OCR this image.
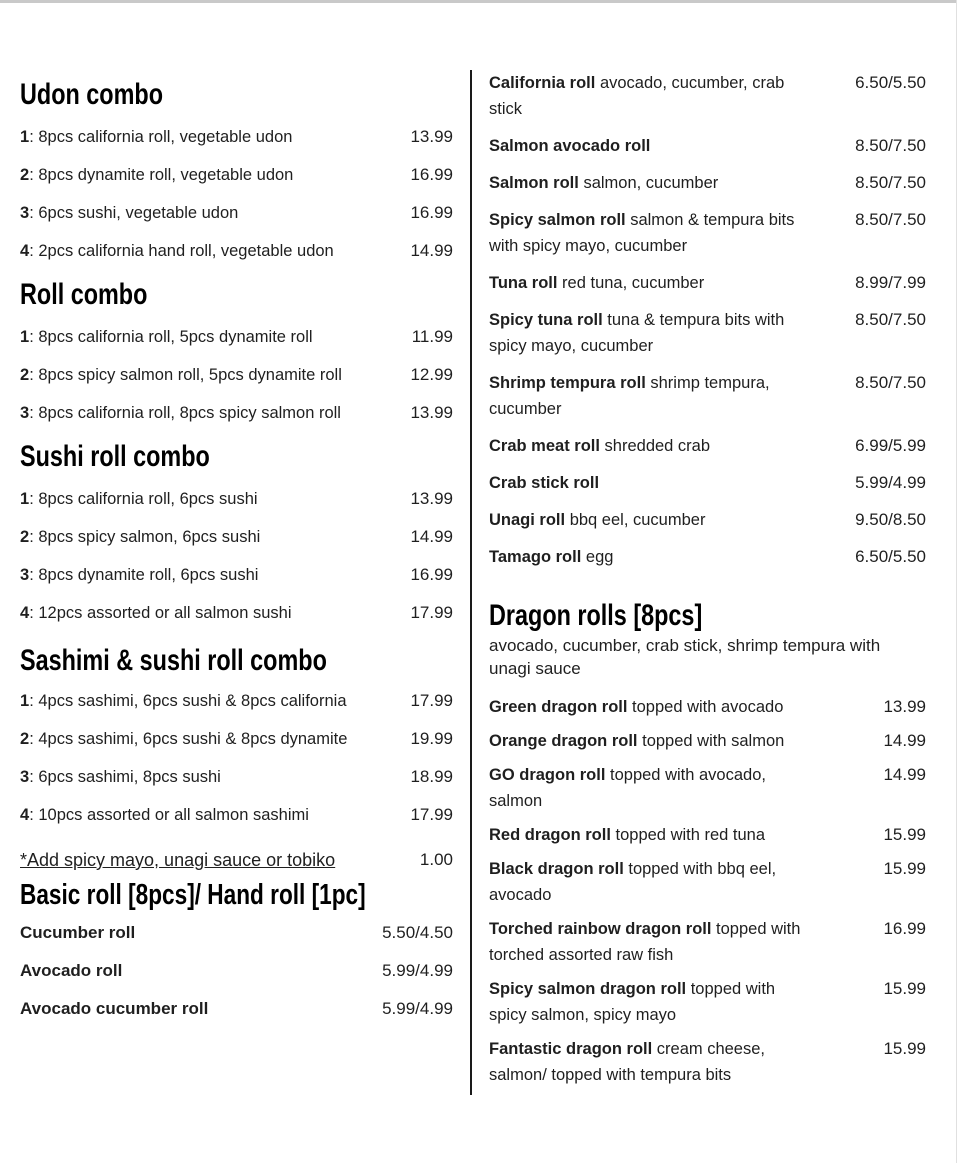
Udon combo
1: 8pcs california roll, vegetable udon	13.99
2: 8pcs dynamite roll, vegetable udon	16.99
3: 6pcs sushi, vegetable udon	16.99
4: 2pcs california hand roll, vegetable udon	14.99
Roll combo
1: 8pcs california roll, 5pcs dynamite roll	11.99
2: 8pcs spicy salmon roll, 5pcs dynamite roll	12.99
3: 8pcs california roll, 8pcs spicy salmon roll	13.99
Sushi roll combo
1: 8pcs california roll, 6pcs sushi	13.99
2: 8pcs spicy salmon, 6pcs sushi	14.99
3: 8pcs dynamite roll, 6pcs sushi	16.99
4: 12pcs assorted or all salmon sushi	17.99
Sashimi & sushi roll combo
1: 4pcs sashimi, 6pcs sushi & 8pcs california	17.99
2: 4pcs sashimi, 6pcs sushi & 8pcs dynamite	19.99
3: 6pcs sashimi, 8pcs sushi	18.99
4: 10pcs assorted or all salmon sashimi	17.99
*Add spicy mayo, unagi sauce or tobiko	1.00
Basic roll [8pcs]/ Hand roll [1pc]
Cucumber roll	5.50/4.50
Avocado roll	5.99/4.99
Avocado cucumber roll	5.99/4.99
California roll avocado, cucumber, crab stick
6.50/5.50
Salmon avocado roll	8.50/7.50
Salmon roll salmon, cucumber	8.50/7.50
Spicy salmon roll salmon & tempura bits with spicy mayo, cucumber
8.50/7.50
Tuna roll red tuna, cucumber	8.99/7.99
Spicy tuna roll tuna & tempura bits with spicy mayo, cucumber
8.50/7.50
Shrimp tempura roll shrimp tempura, cucumber
8.50/7.50
Crab meat roll shredded crab	6.99/5.99
Crab stick roll	5.99/4.99
Unagi roll bbq eel, cucumber	9.50/8.50
Tamago roll egg	6.50/5.50
Dragon rolls [8pcs]
avocado, cucumber, crab stick, shrimp tempura with unagi sauce
Green dragon roll topped with avocado	13.99
Orange dragon roll topped with salmon	14.99
GO dragon roll topped with avocado, salmon
14.99
Red dragon roll topped with red tuna	15.99
Black dragon roll topped with bbq eel, avocado
15.99
Torched rainbow dragon roll topped with torched assorted raw fish
16.99
Spicy salmon dragon roll topped with spicy salmon, spicy mayo
15.99
Fantastic dragon roll cream cheese, salmon/ topped with tempura bits
15.99
